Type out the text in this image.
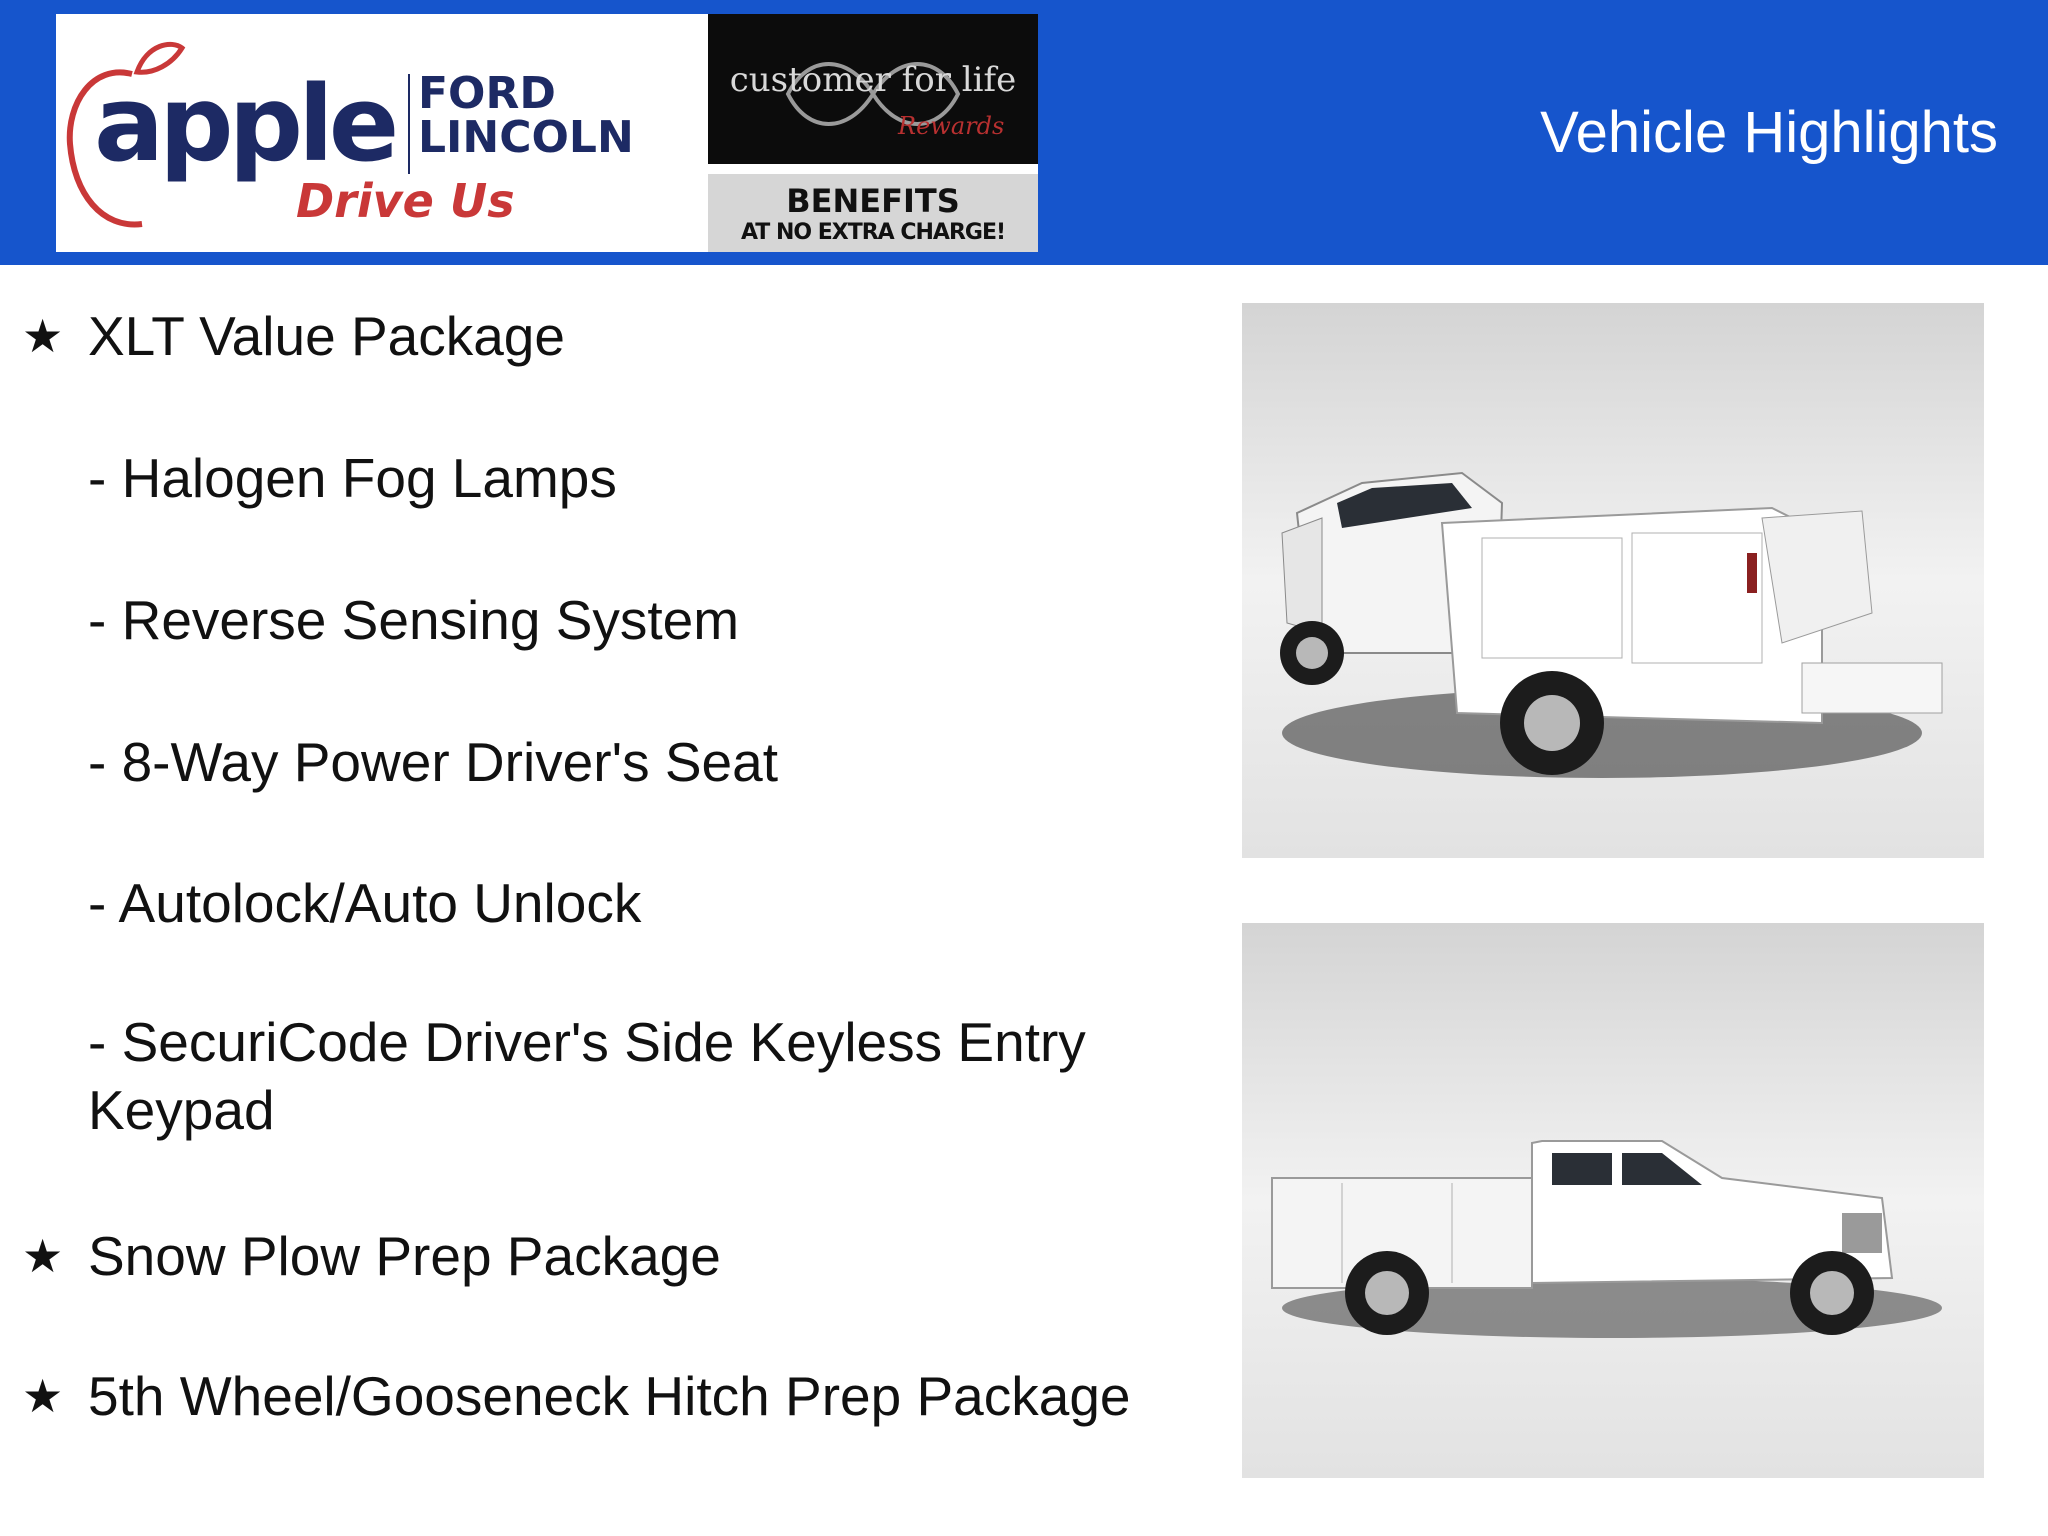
apple FORD
LINCOLN
Drive Us
customer for life
Rewards
BENEFITS
AT NO EXTRA CHARGE!
Vehicle Highlights
★ XLT Value Package
- Halogen Fog Lamps
- Reverse Sensing System
- 8-Way Power Driver's Seat
- Autolock/Auto Unlock
- SecuriCode Driver's Side Keyless Entry Keypad
★ Snow Plow Prep Package
★ 5th Wheel/Gooseneck Hitch Prep Package
